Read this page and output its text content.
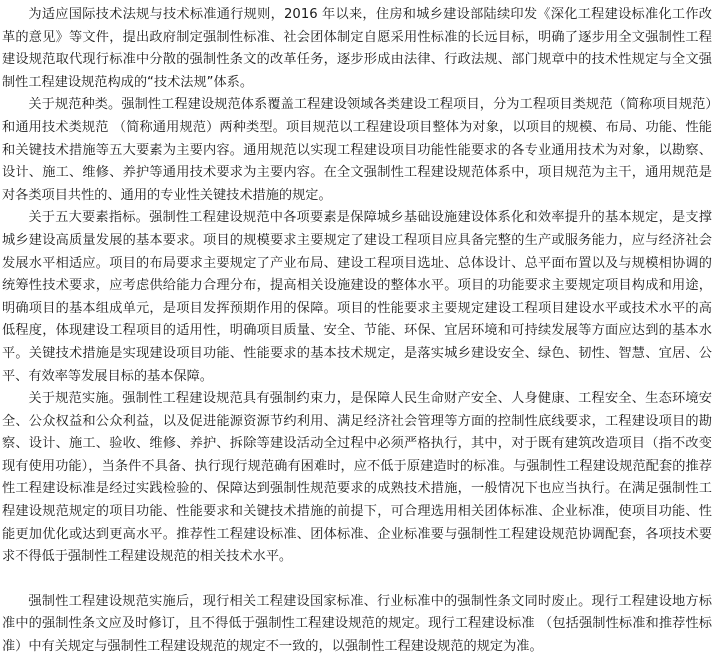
为适应国际技术法规与技术标准通行规则，2016 年以来，住房和城乡建设部陆续印发《深化工程建设标准化工作改革的意见》等文件，提出政府制定强制性标准、社会团体制定自愿采用性标准的长远目标，明确了逐步用全文强制性工程建设规范取代现行标准中分散的强制性条文的改革任务，逐步形成由法律、行政法规、部门规章中的技术性规定与全文强制性工程建设规范构成的“技术法规”体系。

关于规范种类。强制性工程建设规范体系覆盖工程建设领域各类建设工程项目，分为工程项目类规范（简称项目规范）和通用技术类规范 （简称通用规范）两种类型。项目规范以工程建设项目整体为对象，以项目的规模、布局、功能、性能和关键技术措施等五大要素为主要内容。通用规范以实现工程建设项目功能性能要求的各专业通用技术为对象，以勘察、设计、施工、维修、养护等通用技术要求为主要内容。在全文强制性工程建设规范体系中，项目规范为主干，通用规范是对各类项目共性的、通用的专业性关键技术措施的规定。

关于五大要素指标。强制性工程建设规范中各项要素是保障城乡基础设施建设体系化和效率提升的基本规定，是支撑城乡建设高质量发展的基本要求。项目的规模要求主要规定了建设工程项目应具备完整的生产或服务能力，应与经济社会发展水平相适应。项目的布局要求主要规定了产业布局、建设工程项目选址、总体设计、总平面布置以及与规模相协调的统筹性技术要求，应考虑供给能力合理分布，提高相关设施建设的整体水平。项目的功能要求主要规定项目构成和用途，明确项目的基本组成单元，是项目发挥预期作用的保障。项目的性能要求主要规定建设工程项目建设水平或技术水平的高低程度，体现建设工程项目的适用性，明确项目质量、安全、节能、环保、宜居环境和可持续发展等方面应达到的基本水平。关键技术措施是实现建设项目功能、性能要求的基本技术规定，是落实城乡建设安全、绿色、韧性、智慧、宜居、公平、有效率等发展目标的基本保障。

关于规范实施。强制性工程建设规范具有强制约束力，是保障人民生命财产安全、人身健康、工程安全、生态环境安全、公众权益和公众利益，以及促进能源资源节约利用、满足经济社会管理等方面的控制性底线要求，工程建设项目的勘察、设计、施工、验收、维修、养护、拆除等建设活动全过程中必须严格执行，其中，对于既有建筑改造项目（指不改变现有使用功能），当条件不具备、执行现行规范确有困难时，应不低于原建造时的标准。与强制性工程建设规范配套的推荐性工程建设标准是经过实践检验的、保障达到强制性规范要求的成熟技术措施，一般情况下也应当执行。在满足强制性工程建设规范规定的项目功能、性能要求和关键技术措施的前提下，可合理选用相关团体标准、企业标准，使项目功能、性能更加优化或达到更高水平。推荐性工程建设标准、团体标准、企业标准要与强制性工程建设规范协调配套，各项技术要求不得低于强制性工程建设规范的相关技术水平。

强制性工程建设规范实施后，现行相关工程建设国家标准、行业标准中的强制性条文同时废止。现行工程建设地方标准中的强制性条文应及时修订，且不得低于强制性工程建设规范的规定。现行工程建设标准 （包括强制性标准和推荐性标准）中有关规定与强制性工程建设规范的规定不一致的，以强制性工程建设规范的规定为准。
